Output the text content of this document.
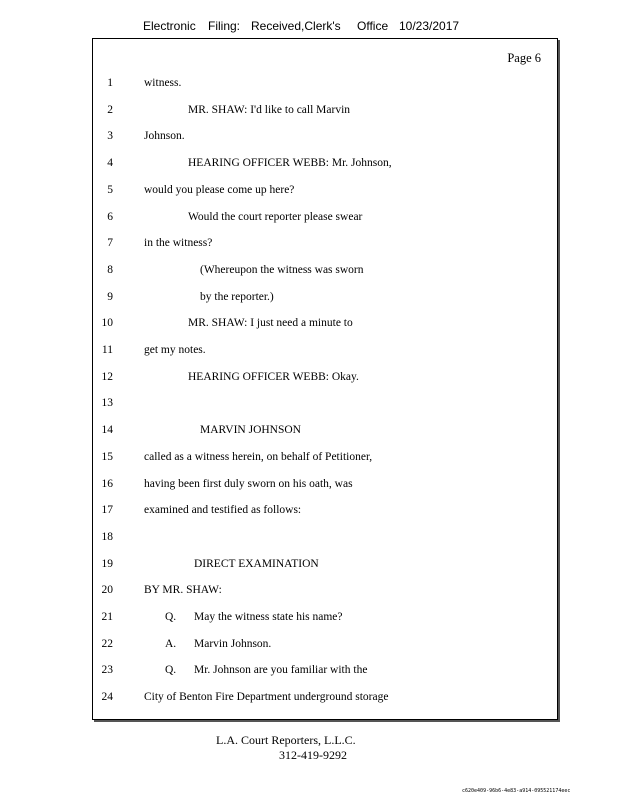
Electronic

Filing:

Received,Clerk's

Office

10/23/2017

Page 6
1	witness.
2	MR. SHAW: I'd like to call Marvin
3	Johnson.
4	HEARING OFFICER WEBB: Mr. Johnson,
5	would you please come up here?
6	Would the court reporter please swear
7	in the witness?
8	(Whereupon the witness was sworn
9	by the reporter.)
10	MR. SHAW: I just need a minute to
11	get my notes.
12	HEARING OFFICER WEBB: Okay.
13
14	MARVIN JOHNSON
15	called as a witness herein, on behalf of Petitioner,
16	having been first duly sworn on his oath, was
17	examined and testified as follows:
18
19	DIRECT EXAMINATION
20	BY MR. SHAW:
21	Q. May the witness state his name?
22	A. Marvin Johnson.
23	Q. Mr. Johnson are you familiar with the
24	City of Benton Fire Department underground storage
L.A. Court Reporters, L.L.C.
312-419-9292
c620e409-96b6-4e83-a914-095521174eec
